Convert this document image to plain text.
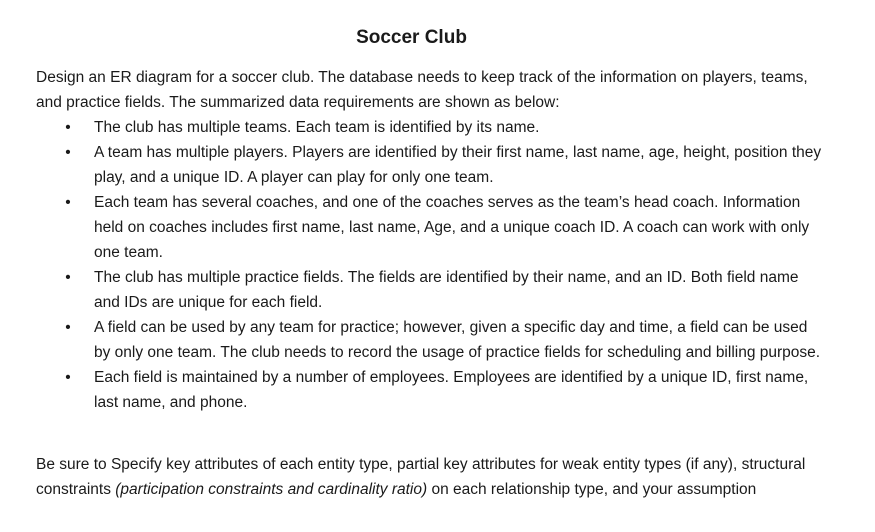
Soccer Club

Design an ER diagram for a soccer club. The database needs to keep track of the information on players, teams, and practice fields. The summarized data requirements are shown as below:

• The club has multiple teams. Each team is identified by its name.
• A team has multiple players. Players are identified by their first name, last name, age, height, position they play, and a unique ID. A player can play for only one team.
• Each team has several coaches, and one of the coaches serves as the team’s head coach. Information held on coaches includes first name, last name, Age, and a unique coach ID. A coach can work with only one team.
• The club has multiple practice fields. The fields are identified by their name, and an ID. Both field name and IDs are unique for each field.
• A field can be used by any team for practice; however, given a specific day and time, a field can be used by only one team. The club needs to record the usage of practice fields for scheduling and billing purpose.
• Each field is maintained by a number of employees. Employees are identified by a unique ID, first name, last name, and phone.

Be sure to Specify key attributes of each entity type, partial key attributes for weak entity types (if any), structural constraints (participation constraints and cardinality ratio) on each relationship type, and your assumption
